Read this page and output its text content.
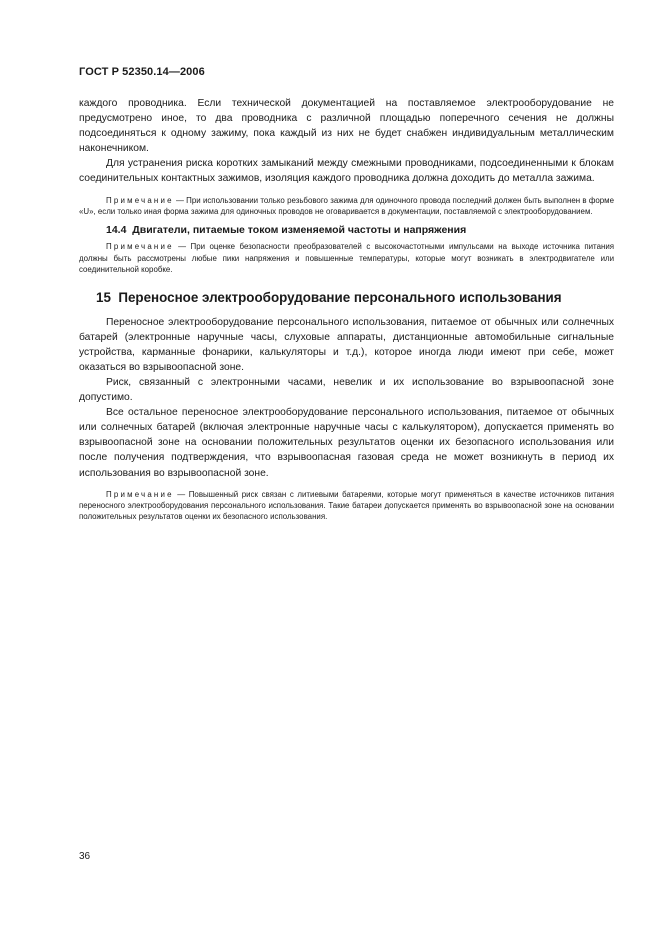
ГОСТ Р 52350.14—2006

каждого проводника. Если технической документацией на поставляемое электрооборудование не предусмотрено иное, то два проводника с различной площадью поперечного сечения не должны подсоединяться к одному зажиму, пока каждый из них не будет снабжен индивидуальным металлическим наконечником.

Для устранения риска коротких замыканий между смежными проводниками, подсоединенными к блокам соединительных контактных зажимов, изоляция каждого проводника должна доходить до металла зажима.

Примечание — При использовании только резьбового зажима для одиночного провода последний должен быть выполнен в форме «U», если только иная форма зажима для одиночных проводов не оговаривается в документации, поставляемой с электрооборудованием.

14.4 Двигатели, питаемые током изменяемой частоты и напряжения

Примечание — При оценке безопасности преобразователей с высокочастотными импульсами на выходе источника питания должны быть рассмотрены любые пики напряжения и повышенные температуры, которые могут возникать в электродвигателе или соединительной коробке.

15 Переносное электрооборудование персонального использования

Переносное электрооборудование персонального использования, питаемое от обычных или солнечных батарей (электронные наручные часы, слуховые аппараты, дистанционные автомобильные сигнальные устройства, карманные фонарики, калькуляторы и т.д.), которое иногда люди имеют при себе, может оказаться во взрывоопасной зоне.

Риск, связанный с электронными часами, невелик и их использование во взрывоопасной зоне допустимо.

Все остальное переносное электрооборудование персонального использования, питаемое от обычных или солнечных батарей (включая электронные наручные часы с калькулятором), допускается применять во взрывоопасной зоне на основании положительных результатов оценки их безопасного использования или после получения подтверждения, что взрывоопасная газовая среда не может возникнуть в период их использования во взрывоопасной зоне.

Примечание — Повышенный риск связан с литиевыми батареями, которые могут применяться в качестве источников питания переносного электрооборудования персонального использования. Такие батареи допускается применять во взрывоопасной зоне на основании положительных результатов оценки их безопасного использования.

36
